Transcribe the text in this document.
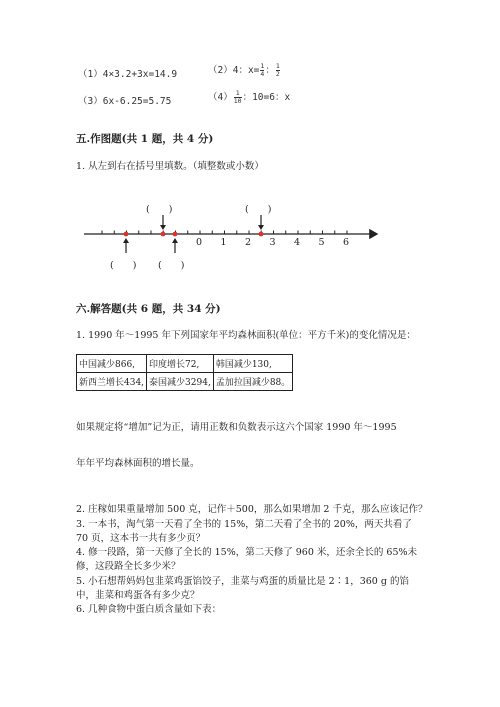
（1）4×3.2+3x=14.9	（2）4：$x= \frac{1}{4}$ ： $\frac{1}{2}$
（3）6x-6.25=5.75	$(4) \frac{1}{10}$ ：10=6：x
五.作图题(共 1 题，共 4 分)
1. 从左到右在括号里填数。（填整数或小数）
(　　)	(　　)
(　　) (　　)
0 1 2 3 4 5 6
六.解答题(共 6 题，共 34 分)
1. 1990 年～1995 年下列国家年平均森林面积(单位：平方千米)的变化情况是：
中国减少866,	印度增长72,	韩国减少130,
新西兰增长434,	泰国减少3294,	孟加拉国减少88。
如果规定将“增加”记为正，请用正数和负数表示这六个国家 1990 年～1995
年年平均森林面积的增长量。
2. 庄稼如果重量增加 500 克，记作＋500，那么如果增加 2 千克，那么应该记作？
3. 一本书，淘气第一天看了全书的 15%，第二天看了全书的 20%，两天共看了
70 页，这本书一共有多少页？
4. 修一段路，第一天修了全长的 15%，第二天修了 960 米，还余全长的 65%未
修，这段路全长多少米？
5. 小石想帮妈妈包韭菜鸡蛋馅饺子，韭菜与鸡蛋的质量比是 2∶1，360 g 的馅
中，韭菜和鸡蛋各有多少克？
6. 几种食物中蛋白质含量如下表：
